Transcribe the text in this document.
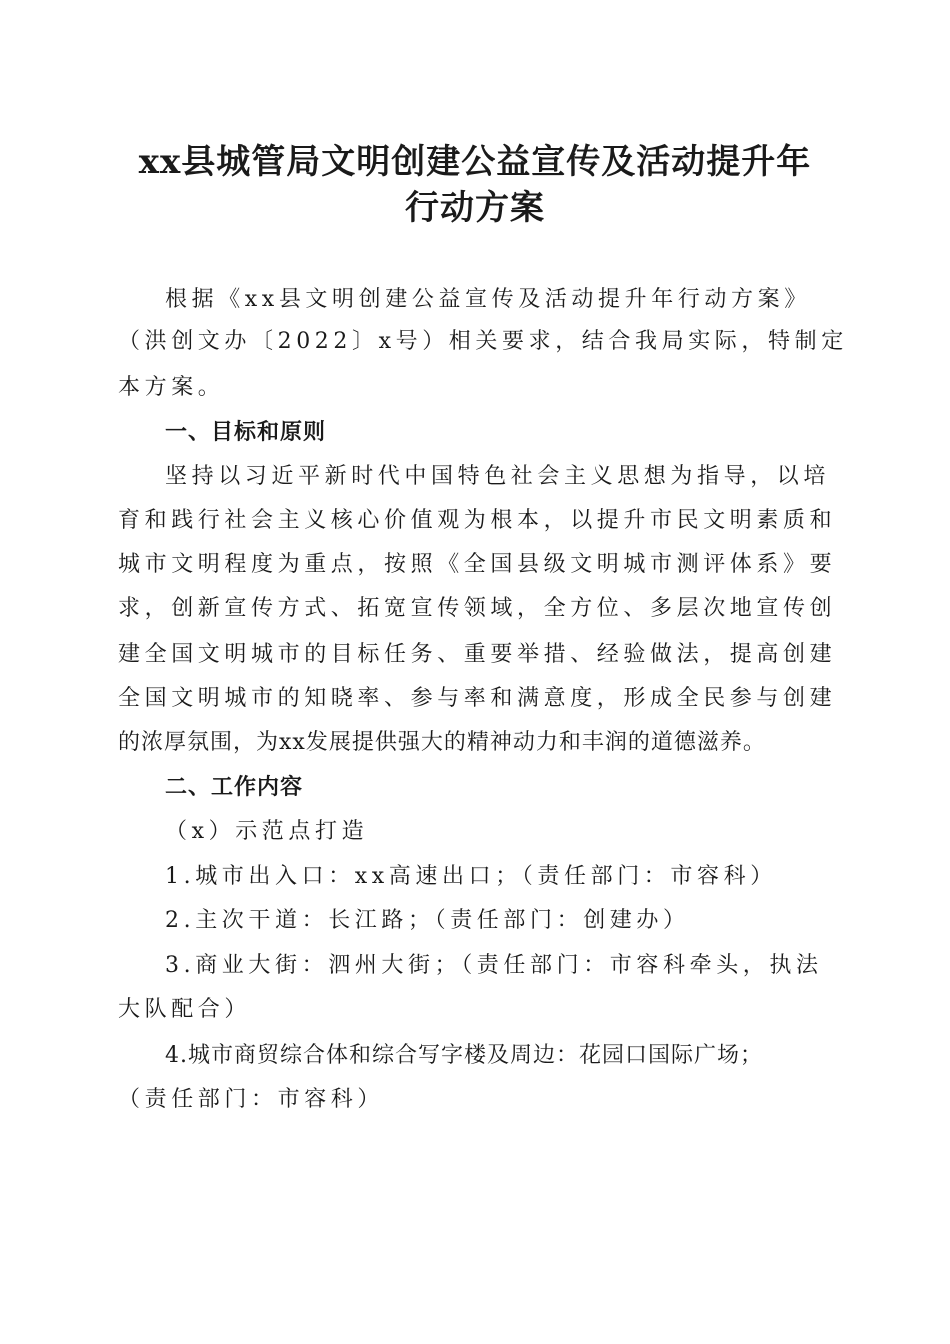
xx县城管局文明创建公益宣传及活动提升年
行动方案
根据《xx县文明创建公益宣传及活动提升年行动方案》
（洪创文办〔2022〕x号）相关要求，结合我局实际，特制定
本方案。
一、目标和原则
坚持以习近平新时代中国特色社会主义思想为指导，以培
育和践行社会主义核心价值观为根本，以提升市民文明素质和
城市文明程度为重点，按照《全国县级文明城市测评体系》要
求，创新宣传方式、拓宽宣传领域，全方位、多层次地宣传创
建全国文明城市的目标任务、重要举措、经验做法，提高创建
全国文明城市的知晓率、参与率和满意度，形成全民参与创建
的浓厚氛围，为xx发展提供强大的精神动力和丰润的道德滋养。
二、工作内容
（x）示范点打造
1.城市出入口：xx高速出口；（责任部门：市容科）
2.主次干道：长江路；（责任部门：创建办）
3.商业大街：泗州大街；（责任部门：市容科牵头，执法
大队配合）
4.城市商贸综合体和综合写字楼及周边：花园口国际广场；
（责任部门：市容科）
